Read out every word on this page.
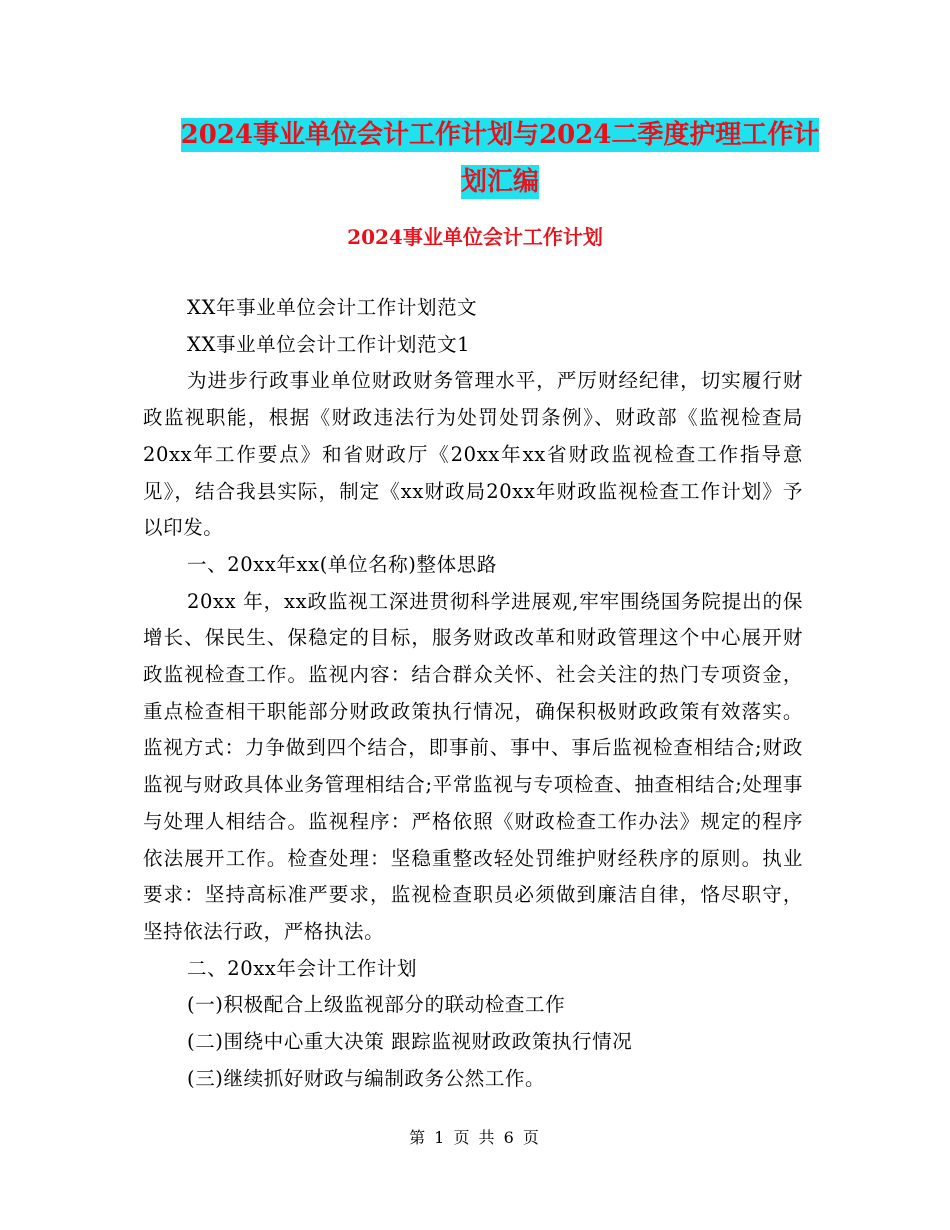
2024事业单位会计工作计划与2024二季度护理工作计
划汇编
2024事业单位会计工作计划

XX年事业单位会计工作计划范文

XX事业单位会计工作计划范文1

为进步行政事业单位财政财务管理水平，严厉财经纪律，切实履行财政监视职能，根据《财政违法行为处罚处罚条例》、财政部《监视检查局20xx年工作要点》和省财政厅《20xx年xx省财政监视检查工作指导意见》，结合我县实际，制定《xx财政局20xx年财政监视检查工作计划》予以印发。

一、20xx年xx(单位名称)整体思路

20xx 年，xx政监视工深进贯彻科学进展观,牢牢围绕国务院提出的保增长、保民生、保稳定的目标，服务财政改革和财政管理这个中心展开财政监视检查工作。监视内容：结合群众关怀、社会关注的热门专项资金，重点检查相干职能部分财政政策执行情况，确保积极财政政策有效落实。监视方式：力争做到四个结合，即事前、事中、事后监视检查相结合;财政监视与财政具体业务管理相结合;平常监视与专项检查、抽查相结合;处理事与处理人相结合。监视程序：严格依照《财政检查工作办法》规定的程序依法展开工作。检查处理：坚稳重整改轻处罚维护财经秩序的原则。执业要求：坚持高标准严要求，监视检查职员必须做到廉洁自律，恪尽职守，坚持依法行政，严格执法。

二、20xx年会计工作计划

(一)积极配合上级监视部分的联动检查工作

(二)围绕中心重大决策 跟踪监视财政政策执行情况

(三)继续抓好财政与编制政务公然工作。

第 1 页 共 6 页
